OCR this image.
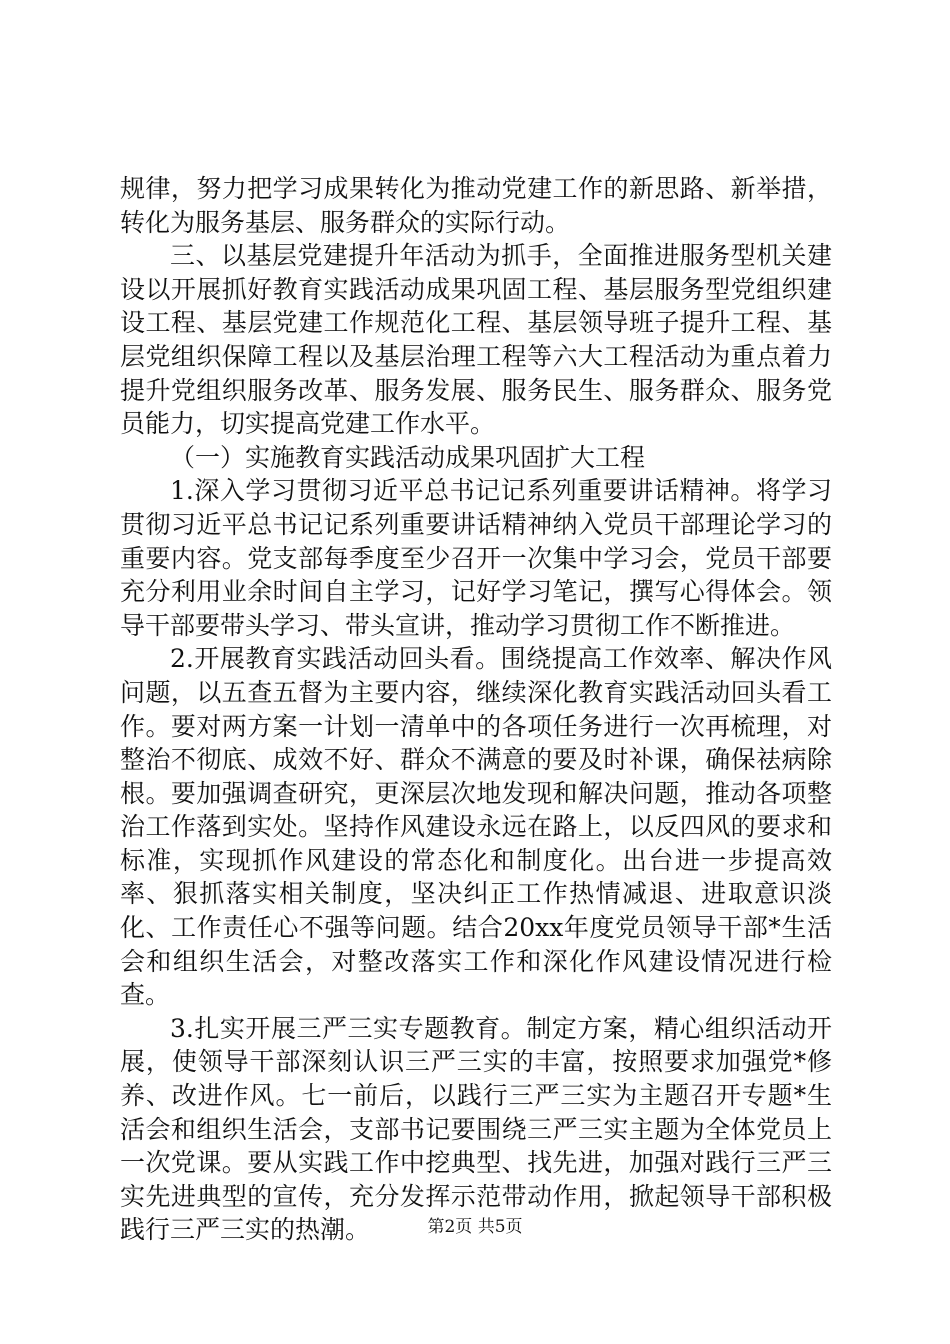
规律，努力把学习成果转化为推动党建工作的新思路、新举措，转化为服务基层、服务群众的实际行动。

三、以基层党建提升年活动为抓手，全面推进服务型机关建设以开展抓好教育实践活动成果巩固工程、基层服务型党组织建设工程、基层党建工作规范化工程、基层领导班子提升工程、基层党组织保障工程以及基层治理工程等六大工程活动为重点着力提升党组织服务改革、服务发展、服务民生、服务群众、服务党员能力，切实提高党建工作水平。

（一）实施教育实践活动成果巩固扩大工程

1.深入学习贯彻习近平总书记记系列重要讲话精神。将学习贯彻习近平总书记记系列重要讲话精神纳入党员干部理论学习的重要内容。党支部每季度至少召开一次集中学习会，党员干部要充分利用业余时间自主学习，记好学习笔记，撰写心得体会。领导干部要带头学习、带头宣讲，推动学习贯彻工作不断推进。

2.开展教育实践活动回头看。围绕提高工作效率、解决作风问题，以五查五督为主要内容，继续深化教育实践活动回头看工作。要对两方案一计划一清单中的各项任务进行一次再梳理，对整治不彻底、成效不好、群众不满意的要及时补课，确保祛病除根。要加强调查研究，更深层次地发现和解决问题，推动各项整治工作落到实处。坚持作风建设永远在路上，以反四风的要求和标准，实现抓作风建设的常态化和制度化。出台进一步提高效率、狠抓落实相关制度，坚决纠正工作热情减退、进取意识淡化、工作责任心不强等问题。结合20xx年度党员领导干部*生活会和组织生活会，对整改落实工作和深化作风建设情况进行检查。

3.扎实开展三严三实专题教育。制定方案，精心组织活动开展，使领导干部深刻认识三严三实的丰富，按照要求加强党*修养、改进作风。七一前后，以践行三严三实为主题召开专题*生活会和组织生活会，支部书记要围绕三严三实主题为全体党员上一次党课。要从实践工作中挖典型、找先进，加强对践行三严三实先进典型的宣传，充分发挥示范带动作用，掀起领导干部积极践行三严三实的热潮。	第2页 共5页
